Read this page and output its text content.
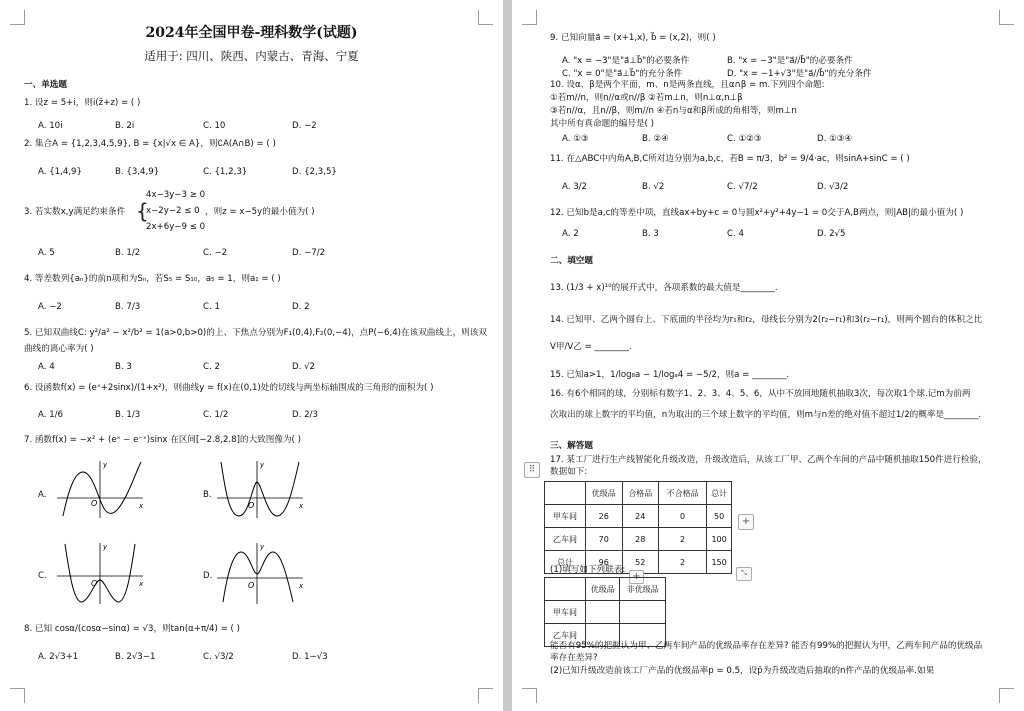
2024年全国甲卷-理科数学(试题)
适用于: 四川、陕西、内蒙古、青海、宁夏
一、单选题
1. 设z = 5+i，则i(z̄+z) = ( )
A. 10i	B. 2i	C. 10	D. −2
2. 集合A = {1,2,3,4,5,9}, B = {x|√x ∈ A}，则∁A(A∩B) = ( )
A. {1,4,9}	B. {3,4,9}	C. {1,2,3}	D. {2,3,5}
3. 若实数x,y满足约束条件 {
4x−3y−3 ≥ 0
x−2y−2 ≤ 0
2x+6y−9 ≤ 0
，则z = x−5y的最小值为( )
A. 5	B. 1/2	C. −2	D. −7/2
4. 等差数列{aₙ}的前n项和为Sₙ，若S₅ = S₁₀，a₅ = 1，则a₁ = ( )
A. −2	B. 7/3	C. 1	D. 2
5. 已知双曲线C: y²/a² − x²/b² = 1(a>0,b>0)的上、下焦点分别为F₁(0,4),F₂(0,−4)，点P(−6,4)在该双曲线上，则该双
曲线的离心率为( )
A. 4	B. 3	C. 2	D. √2
6. 设函数f(x) = (eˣ+2sinx)/(1+x²)，则曲线y = f(x)在(0,1)处的切线与两坐标轴围成的三角形的面积为( )
A. 1/6	B. 1/3	C. 1/2	D. 2/3
7. 函数f(x) = −x² + (eˣ − e⁻ˣ)sinx 在区间[−2.8,2.8]的大致图像为( )
A.	B.
C.	D.
O	x
y
O	x
y
O	x
y
O	x
y
8. 已知 cosα/(cosα−sinα) = √3，则tan(α+π/4) = ( )
A. 2√3+1	B. 2√3−1	C. √3/2	D. 1−√3
9. 已知向量a⃗ = (x+1,x), b⃗ = (x,2)，则( )
A. "x = −3"是"a⃗⊥b⃗"的必要条件	B. "x = −3"是"a⃗//b⃗"的必要条件
C. "x = 0"是"a⃗⊥b⃗"的充分条件	D. "x = −1+√3"是"a⃗//b⃗"的充分条件
10. 设α、β是两个平面，m、n是两条直线，且α∩β = m.下列四个命题:
①若m//n，则n//α或n//β ②若m⊥n，则n⊥α,n⊥β
③若n//α，且n//β，则m//n ④若n与α和β所成的角相等，则m⊥n
其中所有真命题的编号是( )
A. ①③	B. ②④	C. ①②③	D. ①③④
11. 在△ABC中内角A,B,C所对边分别为a,b,c，若B = π/3，b² = 9/4·ac，则sinA+sinC = ( )
A. 3/2	B. √2	C. √7/2	D. √3/2
12. 已知b是a,c的等差中项，直线ax+by+c = 0与圆x²+y²+4y−1 = 0交于A,B两点，则|AB|的最小值为( )
A. 2	B. 3	C. 4	D. 2√5
二、填空题
13. (1/3 + x)¹⁰的展开式中，各项系数的最大值是________.
14. 已知甲、乙两个圆台上、下底面的半径均为r₁和r₂，母线长分别为2(r₂−r₁)和3(r₂−r₁)，则两个圆台的体积之比
V甲/V乙 = ________.
15. 已知a>1，1/log₈a − 1/logₐ4 = −5/2，则a = ________.
16. 有6个相同的球，分别标有数字1、2、3、4、5、6，从中不放回地随机抽取3次，每次取1个球.记m为前两
次取出的球上数字的平均值，n为取出的三个球上数字的平均值，则m与n差的绝对值不超过1/2的概率是________.
三、解答题
17. 某工厂进行生产线智能化升级改造，升级改造后，从该工厂甲、乙两个车间的产品中随机抽取150件进行检验，
数据如下:
⠿
	优级品	合格品	不合格品	总计
甲车间	26	24	0	50
乙车间	70	28	2	100
总计	96	52	2	150
+
⤡
(1)填写如下列联表:
+
	优级品	非优级品
甲车间		
乙车间		
能否有95%的把握认为甲、乙两车间产品的优级品率存在差异? 能否有99%的把握认为甲，乙两车间产品的优级品
率存在差异?
(2)已知升级改造前该工厂产品的优级品率p = 0.5，设p̄为升级改造后抽取的n件产品的优级品率.如果
